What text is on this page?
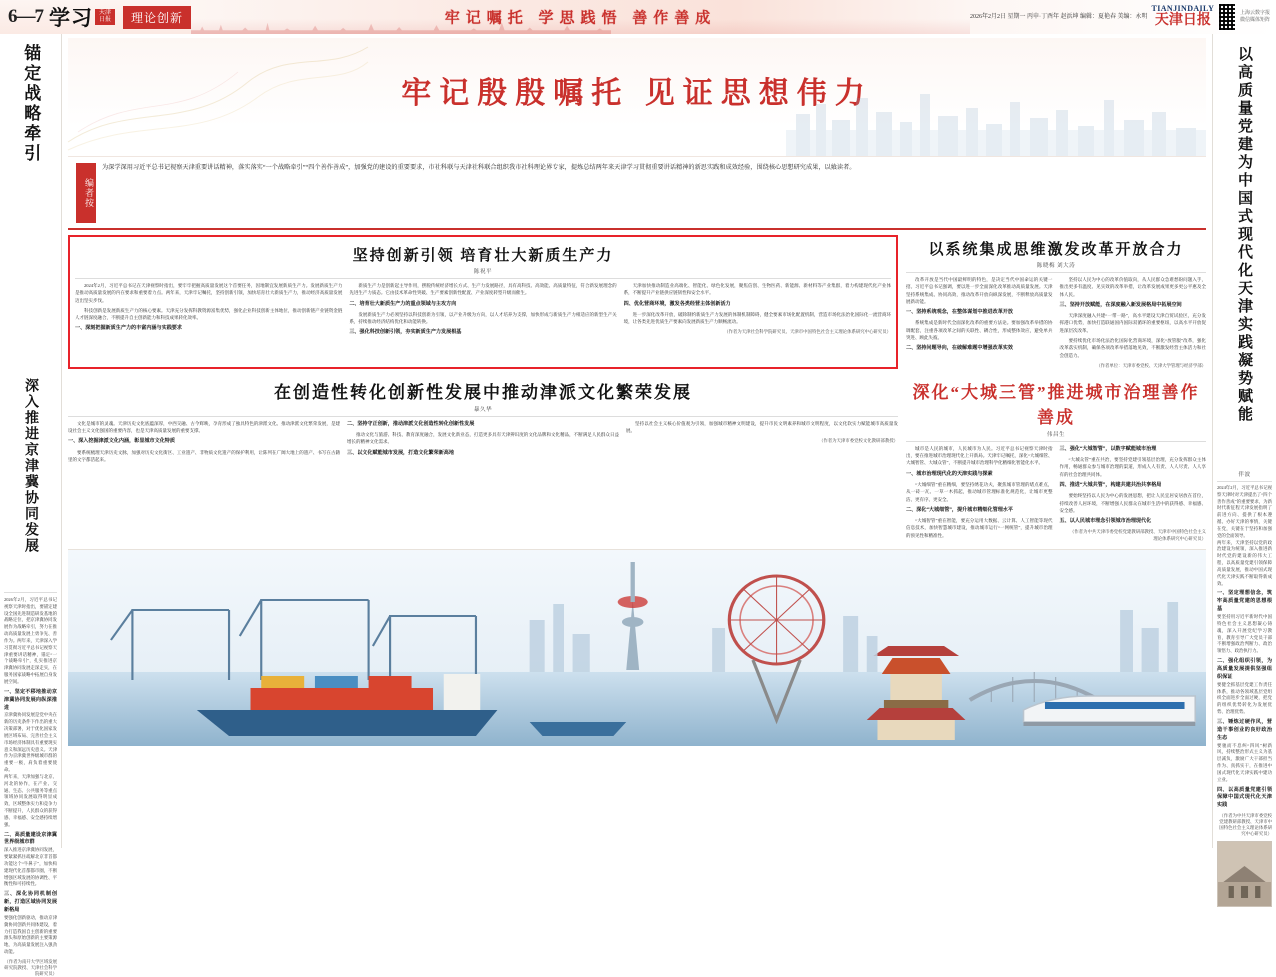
6—7 学习 天津日报	理论创新	牢记嘱托 学思践悟 善作善成	2026年2月2日 星期一 丙申·丁酉年 赵浜坤 编辑：夏艳春 美编：永明
TIANJINDAILY
天津日报	上海云数字报
微信媒体矩阵
锚定战略牵引
深入推进京津冀协同发展
2026年2月，习近平总书记视察天津时指出，要锚定建设全国先进制造研发基地的战略定位，把京津冀协同发展作为战略牵引，努力在推动高质量发展上勇争先、善作为。两年来，天津深入学习贯彻习近平总书记视察天津重要讲话精神，锚定“一个战略牵引”，扎实推进京津冀协同发展走深走实，在服务国家战略中拓展自身发展空间。
一、坚定不移地推动京津冀协同发展向纵深推进
京津冀协同发展是党中央在新的历史条件下作出的重大决策部署，对于优化国家发展区域布局、完善社会主义市场经济体制具有重要现实意义和深远历史意义。天津作为京津冀世界级城市群的重要一极，肩负着重要使命。
两年来，天津加强与北京、河北的协作，在产业、交通、生态、公共服务等重点领域协同发展取得明显成效，区域整体实力和竞争力不断提升，人民群众的获得感、幸福感、安全感持续增强。
二、高质量建设京津冀世界级城市群
深入推进京津冀协同发展，要紧紧抓住疏解北京非首都功能这个“牛鼻子”，加快构建现代化首都都市圈，不断增强区域发展的协调性、平衡性和可持续性。
三、深化协同机制创新，打造区域协同发展新格局
要强化创新驱动，推动京津冀协同创新共同体建设，着力打造我国自主创新的重要源头和原始创新的主要策源地，为高质量发展注入强劲动能。
（作者为南开大学区域发展研究院教授、天津社会科学院研究员）
牢记殷殷嘱托 见证思想伟力
编者按
为深学深用习近平总书记视察天津重要讲话精神，落实落实“一个战略牵引”“四个善作善成”，加强党的建设的重要要求，市社科联与天津社科联合组织我市社科理论界专家，提炼总结两年来天津学习贯彻重要讲话精神的新思实践和成效经验，围绕核心思想研究成果，以飨读者。
坚持创新引领 培育壮大新质生产力
陈祝平

2024年2月，习近平总书记在天津视察时指出，要牢牢把握高质量发展这个首要任务，因地制宜发展新质生产力。发展新质生产力是推动高质量发展的内在要求和重要着力点。两年来，天津牢记嘱托，坚持创新引领，加快培育壮大新质生产力，推动经济高质量发展迈出坚实步伐。

科技创新是发展新质生产力的核心要素。天津充分发挥科教资源富集优势，强化企业科技创新主体地位，推动创新链产业链资金链人才链深度融合，不断提升自主创新能力和科技成果转化效率。

一、深刻把握新质生产力的丰富内涵与实践要求

新质生产力是创新起主导作用，摆脱传统经济增长方式、生产力发展路径，具有高科技、高效能、高质量特征，符合新发展理念的先进生产力质态。它由技术革命性突破、生产要素创新性配置、产业深度转型升级而催生。

二、培育壮大新质生产力的重点领域与主攻方向

发展新质生产力必须坚持以科技创新为引领，以产业升级为方向，以人才培养为支撑，加快形成与新质生产力相适应的新型生产关系，持续推动经济结构优化和动能转换。

三、强化科技创新引领，夯实新质生产力发展根基

天津加快推动制造业高端化、智能化、绿色化发展，聚焦信创、生物医药、新能源、新材料等产业集群，着力构建现代化产业体系，不断提升产业链供应链韧性和安全水平。

四、优化营商环境，激发各类经营主体创新活力

进一步深化改革开放，破除制约新质生产力发展的体制机制障碍，健全要素市场化配置机制，营造市场化法治化国际化一流营商环境，让各类先进优质生产要素向发展新质生产力顺畅流动。

（作者为天津社会科学院研究员、天津市中国特色社会主义理论体系研究中心研究员）

以系统集成思维激发改革开放合力
陈晓梅 刘大涛

改革开放是当代中国最鲜明的特色，是决定当代中国命运的关键一招。习近平总书记强调，要以进一步全面深化改革推动高质量发展。天津坚持系统集成、协同高效，推动改革开放向纵深发展，不断释放高质量发展新动能。

一、坚持系统观念，在整体谋划中推进改革开放

系统集成是新时代全面深化改革的重要方法论。要加强改革举措的协调配套，注重各项改革之间的关联性、耦合性，形成整体效应，避免单兵突进、顾此失彼。

二、坚持问题导向，在破解难题中增强改革实效

坚持以人民为中心的改革价值取向，从人民群众急难愁盼问题入手，推出更多有温度、见实效的改革举措，让改革发展成果更多更公平惠及全体人民。

三、坚持开放赋能，在深度融入新发展格局中拓展空间

天津深度融入共建“一带一路”，高水平建设天津自贸试验区，充分发挥港口优势，加快打造联通国内国际双循环的重要枢纽，以高水平开放促进深层次改革。

要持续优化市场化法治化国际化营商环境，深化“放管服”改革，强化改革落实机制，确保各项改革举措落地见效，不断激发经营主体活力和社会创造力。

（作者单位：天津市委党校、天津大学管理与经济学部）

在创造性转化创新性发展中推动津派文化繁荣发展
暴久华

文化是城市的灵魂。天津历史文化底蕴深厚，中西交融、古今辉映，孕育形成了独具特色的津派文化。推动津派文化繁荣发展，是建设社会主义文化强国的重要内容，也是天津高质量发展的重要支撑。

一、深入挖掘津派文化内涵，彰显城市文化特质

要系统梳理天津历史文脉，加强对历史文化街区、工业遗产、非物质文化遗产的保护利用，让陈列在广阔大地上的遗产、书写在古籍里的文字都活起来。

二、坚持守正创新，推动津派文化创造性转化创新性发展

推动文化与旅游、科技、教育深度融合，发展文化新业态，打造更多具有天津辨识度的文化品牌和文化精品，不断满足人民群众日益增长的精神文化需求。

三、以文化赋能城市发展，打造文化繁荣新高地

坚持以社会主义核心价值观为引领，加强城市精神文明建设，提升市民文明素养和城市文明程度，以文化软实力赋能城市高质量发展。

（作者为天津市委党校文化教研部教授）

深化“大城三管”推进城市治理善作善成
伟昌生

城市是人民的城市，人民城市为人民。习近平总书记视察天津时指出，要在推进城市治理现代化上开新局。天津牢记嘱托，深化“大城细管、大城智管、大城众管”，不断提升城市治理科学化精细化智能化水平。

一、城市治理现代化的天津实践与探索

“大城细管”重在精细，要坚持绣花功夫，聚焦城市管理的堵点难点，从一砖一瓦、一草一木抓起，推动城市管理标准化规范化，让城市更整洁、更有序、更安全。

二、深化“大城细管”，提升城市精细化管理水平

“大城智管”重在智能，要充分运用大数据、云计算、人工智能等现代信息技术，加快智慧城市建设，推动城市运行“一网统管”，提升城市治理的预见性和精准性。

三、强化“大城智管”，以数字赋能城市治理

“大城众管”重在共治，要坚持党建引领基层治理，充分发挥群众主体作用，畅通群众参与城市治理的渠道，形成人人有责、人人尽责、人人享有的社会治理共同体。

四、推进“大城共管”，构建共建共治共享格局

要始终坚持以人民为中心的发展思想，把让人民宜居安居放在首位，持续改善人居环境，不断增强人民群众在城市生活中的获得感、幸福感、安全感。

五、以人民城市理念引领城市治理现代化

（作者为中共天津市委党校党建教研部教授、天津市中国特色社会主义理论体系研究中心研究员）

以高质量党建为中国式现代化天津实践凝势赋能
伴波
2024年2月，习近平总书记视察天津时对天津提出了“四个善作善成”的重要要求，为新时代新征程天津发展指明了前进方向、提供了根本遵循。办好天津的事情，关键在党，关键在于坚持和加强党的全面领导。
两年来，天津坚持以党的政治建设为统领，深入推进新时代党的建设新的伟大工程，以高质量党建引领保障高质量发展，推动中国式现代化天津实践不断取得新成效。
一、坚定理想信念，筑牢高质量党建的思想根基
要坚持用习近平新时代中国特色社会主义思想凝心铸魂，深入开展党纪学习教育，教育引导广大党员干部不断增强政治判断力、政治领悟力、政治执行力。
二、强化组织引领，为高质量发展提供坚强组织保证
要健全抓基层党建工作责任体系，推动各领域基层党组织全面进步全面过硬，把党的组织优势转化为发展优势、治理优势。
三、锤炼过硬作风，营造干事创业的良好政治生态
要驰而不息纠“四风”树新风，持续整治形式主义为基层减负，激励广大干部担当作为、真抓实干，在推进中国式现代化天津实践中建功立业。
四、以高质量党建引领保障中国式现代化天津实践
（作者为中共天津市委党校党建教研部教授、天津市中国特色社会主义理论体系研究中心研究员）
